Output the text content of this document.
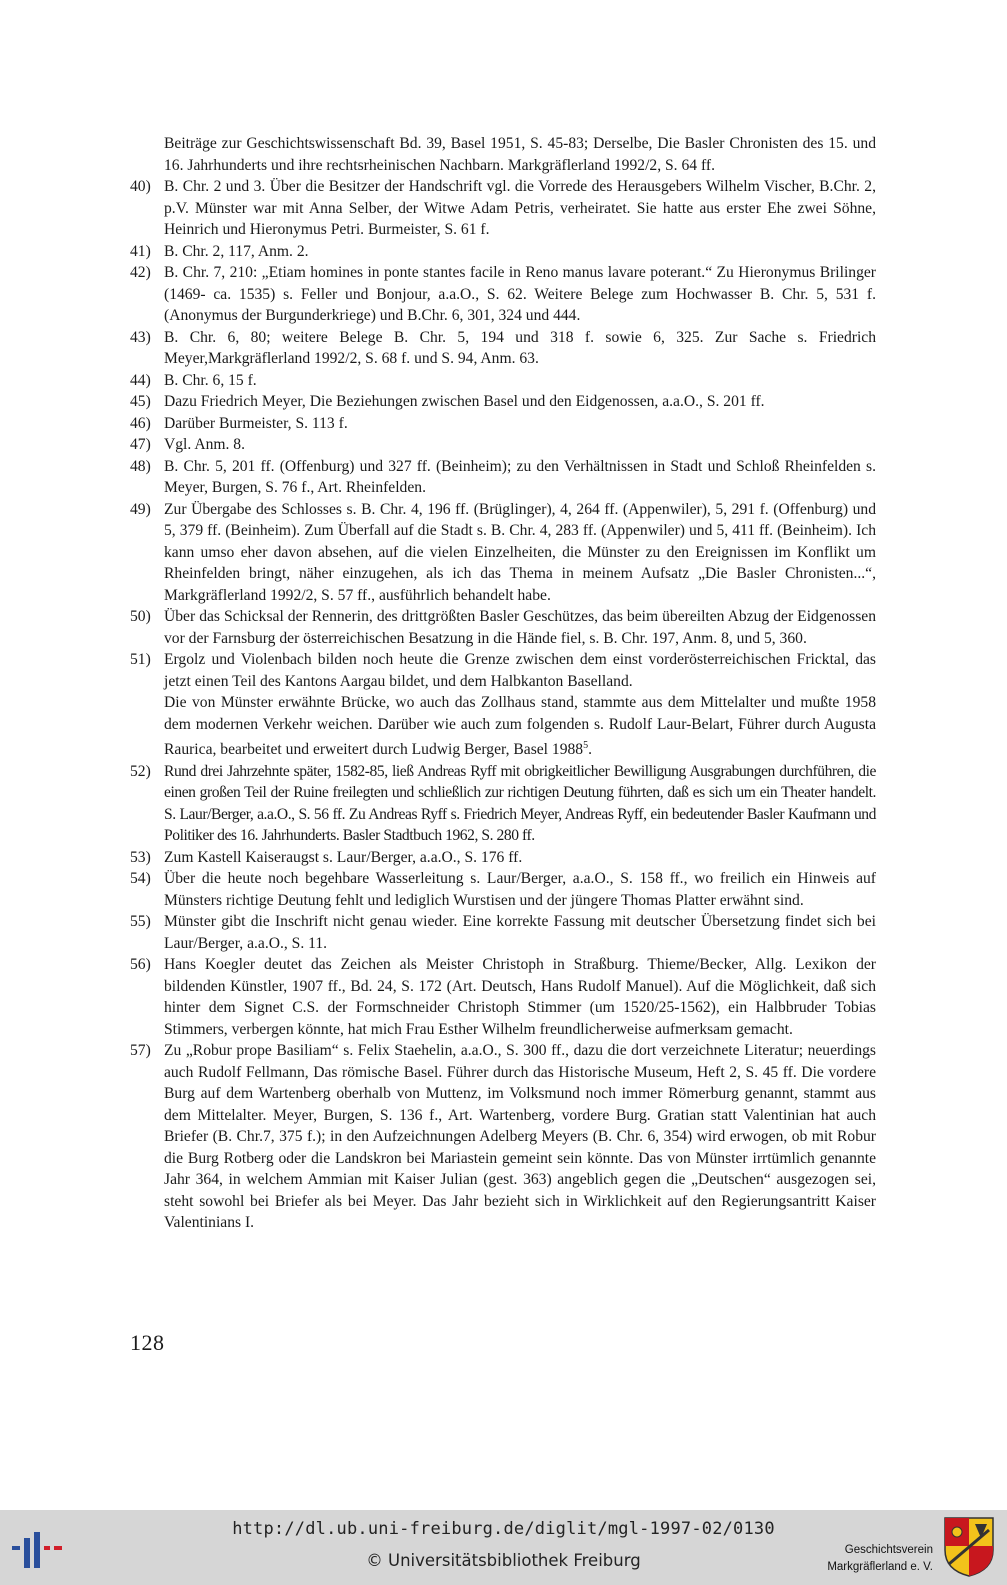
Beiträge zur Geschichtswissenschaft Bd. 39, Basel 1951, S. 45-83; Derselbe, Die Basler Chronisten des 15. und 16. Jahrhunderts und ihre rechtsrheinischen Nachbarn. Markgräflerland 1992/2, S. 64 ff.
40) B. Chr. 2 und 3. Über die Besitzer der Handschrift vgl. die Vorrede des Herausgebers Wilhelm Vischer, B.Chr. 2, p.V. Münster war mit Anna Selber, der Witwe Adam Petris, verheiratet. Sie hatte aus erster Ehe zwei Söhne, Heinrich und Hieronymus Petri. Burmeister, S. 61 f.
41) B. Chr. 2, 117, Anm. 2.
42) B. Chr. 7, 210: „Etiam homines in ponte stantes facile in Reno manus lavare poterant.“ Zu Hieronymus Brilinger (1469- ca. 1535) s. Feller und Bonjour, a.a.O., S. 62. Weitere Belege zum Hochwasser B. Chr. 5, 531 f. (Anonymus der Burgunderkriege) und B.Chr. 6, 301, 324 und 444.
43) B. Chr. 6, 80; weitere Belege B. Chr. 5, 194 und 318 f. sowie 6, 325. Zur Sache s. Friedrich Meyer,Markgräflerland 1992/2, S. 68 f. und S. 94, Anm. 63.
44) B. Chr. 6, 15 f.
45) Dazu Friedrich Meyer, Die Beziehungen zwischen Basel und den Eidgenossen, a.a.O., S. 201 ff.
46) Darüber Burmeister, S. 113 f.
47) Vgl. Anm. 8.
48) B. Chr. 5, 201 ff. (Offenburg) und 327 ff. (Beinheim); zu den Verhältnissen in Stadt und Schloß Rheinfelden s. Meyer, Burgen, S. 76 f., Art. Rheinfelden.
49) Zur Übergabe des Schlosses s. B. Chr. 4, 196 ff. (Brüglinger), 4, 264 ff. (Appenwiler), 5, 291 f. (Offenburg) und 5, 379 ff. (Beinheim). Zum Überfall auf die Stadt s. B. Chr. 4, 283 ff. (Appenwiler) und 5, 411 ff. (Beinheim). Ich kann umso eher davon absehen, auf die vielen Einzelheiten, die Münster zu den Ereignissen im Konflikt um Rheinfelden bringt, näher einzugehen, als ich das Thema in meinem Aufsatz „Die Basler Chronisten...“, Markgräflerland 1992/2, S. 57 ff., ausführlich behandelt habe.
50) Über das Schicksal der Rennerin, des drittgrößten Basler Geschützes, das beim übereilten Abzug der Eidgenossen vor der Farnsburg der österreichischen Besatzung in die Hände fiel, s. B. Chr. 197, Anm. 8, und 5, 360.
51) Ergolz und Violenbach bilden noch heute die Grenze zwischen dem einst vorderösterreichischen Fricktal, das jetzt einen Teil des Kantons Aargau bildet, und dem Halbkanton Baselland.
Die von Münster erwähnte Brücke, wo auch das Zollhaus stand, stammte aus dem Mittelalter und mußte 1958 dem modernen Verkehr weichen. Darüber wie auch zum folgenden s. Rudolf Laur-Belart, Führer durch Augusta Raurica, bearbeitet und erweitert durch Ludwig Berger, Basel 1988$^5$.
52) Rund drei Jahrzehnte später, 1582-85, ließ Andreas Ryff mit obrigkeitlicher Bewilligung Ausgrabungen durchführen, die einen großen Teil der Ruine freilegten und schließlich zur richtigen Deutung führten, daß es sich um ein Theater handelt. S. Laur/Berger, a.a.O., S. 56 ff. Zu Andreas Ryff s. Friedrich Meyer, Andreas Ryff, ein bedeutender Basler Kaufmann und Politiker des 16. Jahrhunderts. Basler Stadtbuch 1962, S. 280 ff.
53) Zum Kastell Kaiseraugst s. Laur/Berger, a.a.O., S. 176 ff.
54) Über die heute noch begehbare Wasserleitung s. Laur/Berger, a.a.O., S. 158 ff., wo freilich ein Hinweis auf Münsters richtige Deutung fehlt und lediglich Wurstisen und der jüngere Thomas Platter erwähnt sind.
55) Münster gibt die Inschrift nicht genau wieder. Eine korrekte Fassung mit deutscher Übersetzung findet sich bei Laur/Berger, a.a.O., S. 11.
56) Hans Koegler deutet das Zeichen als Meister Christoph in Straßburg. Thieme/Becker, Allg. Lexikon der bildenden Künstler, 1907 ff., Bd. 24, S. 172 (Art. Deutsch, Hans Rudolf Manuel). Auf die Möglichkeit, daß sich hinter dem Signet C.S. der Formschneider Christoph Stimmer (um 1520/25-1562), ein Halbbruder Tobias Stimmers, verbergen könnte, hat mich Frau Esther Wilhelm freundlicherweise aufmerksam gemacht.
57) Zu „Robur prope Basiliam“ s. Felix Staehelin, a.a.O., S. 300 ff., dazu die dort verzeichnete Literatur; neuerdings auch Rudolf Fellmann, Das römische Basel. Führer durch das Historische Museum, Heft 2, S. 45 ff. Die vordere Burg auf dem Wartenberg oberhalb von Muttenz, im Volksmund noch immer Römerburg genannt, stammt aus dem Mittelalter. Meyer, Burgen, S. 136 f., Art. Wartenberg, vordere Burg. Gratian statt Valentinian hat auch Briefer (B. Chr.7, 375 f.); in den Aufzeichnungen Adelberg Meyers (B. Chr. 6, 354) wird erwogen, ob mit Robur die Burg Rotberg oder die Landskron bei Mariastein gemeint sein könnte. Das von Münster irrtümlich genannte Jahr 364, in welchem Ammian mit Kaiser Julian (gest. 363) angeblich gegen die „Deutschen“ ausgezogen sei, steht sowohl bei Briefer als bei Meyer. Das Jahr bezieht sich in Wirklichkeit auf den Regierungsantritt Kaiser Valentinians I.
128
http://dl.ub.uni-freiburg.de/diglit/mgl-1997-02/0130
© Universitätsbibliothek Freiburg
Geschichtsverein
Markgräflerland e. V.
